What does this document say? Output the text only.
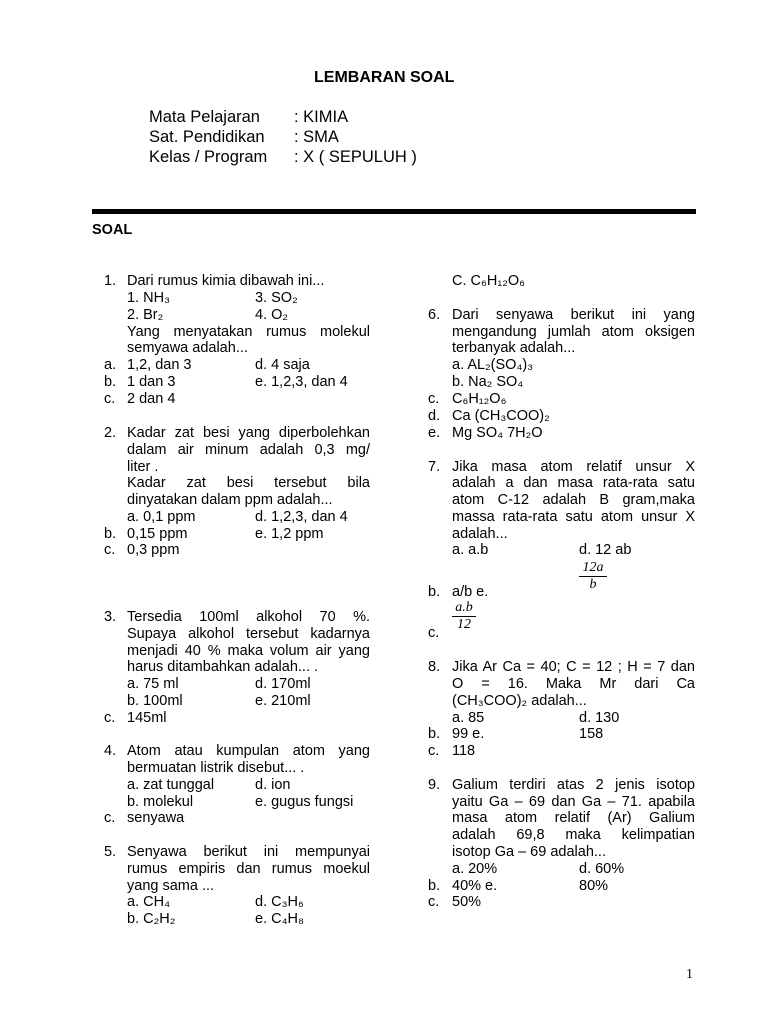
LEMBARAN SOAL
Mata Pelajaran : KIMIA
Sat. Pendidikan : SMA
Kelas / Program : X ( SEPULUH )
SOAL
1. Dari rumus kimia dibawah ini...
1. NH₃	3. SO₂
2. Br₂	4. O₂
Yang menyatakan rumus molekul
semyawa adalah...
a. 1,2, dan 3	d. 4 saja
b. 1 dan 3	e. 1,2,3, dan 4
c. 2 dan 4
2. Kadar zat besi yang diperbolehkan
dalam air minum adalah 0,3 mg/
liter .
Kadar zat besi tersebut bila
dinyatakan dalam ppm adalah...
a. 0,1 ppm	d. 1,2,3, dan 4
b. 0,15 ppm	e. 1,2 ppm
c. 0,3 ppm
3. Tersedia 100ml alkohol 70 %.
Supaya alkohol tersebut kadarnya
menjadi 40 % maka volum air yang
harus ditambahkan adalah... .
a. 75 ml	d. 170ml
b. 100ml	e. 210ml
c. 145ml
4. Atom atau kumpulan atom yang
bermuatan listrik disebut... .
a. zat tunggal	d. ion
b. molekul	e. gugus fungsi
c. senyawa
5. Senyawa berikut ini mempunyai
rumus empiris dan rumus moekul
yang sama ...
a. CH₄	d. C₃H₆
b. C₂H₂	e. C₄H₈
C. C₆H₁₂O₆
6. Dari senyawa berikut ini yang
mengandung jumlah atom oksigen
terbanyak adalah...
a. AL₂(SO₄)₃
b. Na₂ SO₄
c. C₆H₁₂O₆
d. Ca (CH₃COO)₂
e. Mg SO₄ 7H₂O
7. Jika masa atom relatif unsur X
adalah a dan masa rata-rata satu
atom C-12 adalah B gram,maka
massa rata-rata satu atom unsur X
adalah...
a. a.b	d. 12 ab
12a
b
b. a/b e.
a.b
12
c.
8. Jika Ar Ca = 40; C = 12 ; H = 7 dan
O = 16. Maka Mr dari Ca
(CH₃COO)₂ adalah...
a. 85	d. 130
b. 99 e.	158
c. 118
9. Galium terdiri atas 2 jenis isotop
yaitu Ga – 69 dan Ga – 71. apabila
masa atom relatif (Ar) Galium
adalah 69,8 maka kelimpatian
isotop Ga – 69 adalah...
a. 20%	d. 60%
b. 40% e.	80%
c. 50%
1
